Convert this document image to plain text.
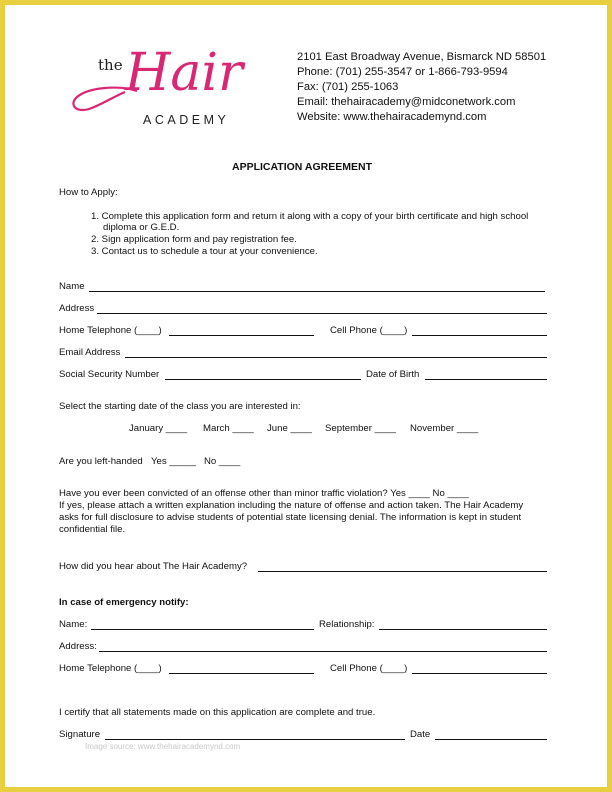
the Hair
ACADEMY
2101 East Broadway Avenue, Bismarck ND 58501
Phone: (701) 255-3547 or 1-866-793-9594
Fax: (701) 255-1063
Email: thehairacademy@midconetwork.com
Website: www.thehairacademynd.com
APPLICATION AGREEMENT
How to Apply:
1. Complete this application form and return it along with a copy of your birth certificate and high school
diploma or G.E.D.
2. Sign application form and pay registration fee.
3. Contact us to schedule a tour at your convenience.
Name
Address
Home Telephone (____)	Cell Phone (____)
Email Address
Social Security Number	Date of Birth
Select the starting date of the class you are interested in:
January ____ March ____ June ____ September ____ November ____
Are you left-handed Yes _____ No ____
Have you ever been convicted of an offense other than minor traffic violation? Yes ____ No ____
If yes, please attach a written explanation including the nature of offense and action taken. The Hair Academy
asks for full disclosure to advise students of potential state licensing denial. The information is kept in student
confidential file.
How did you hear about The Hair Academy?
In case of emergency notify:
Name:	Relationship:
Address:
Home Telephone (____)	Cell Phone (____)
I certify that all statements made on this application are complete and true.
Signature
Image source: www.thehairacademynd.com
Date
